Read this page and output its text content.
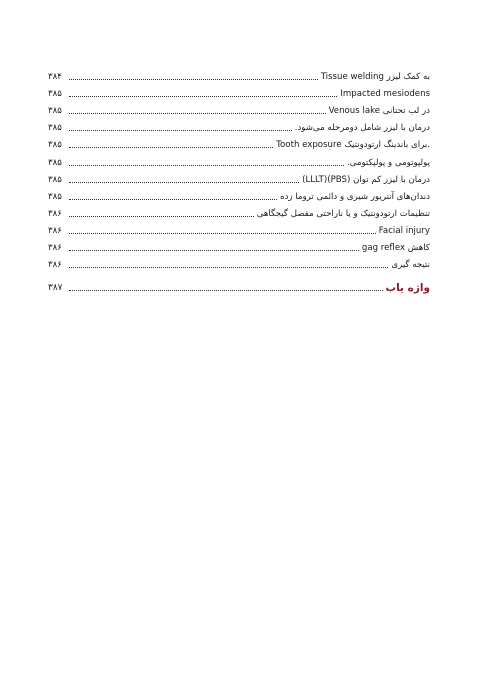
Tissue welding به کمک لیزر
۳۸۴
Impacted mesiodens
۳۸۵
Venous lake در لب تحتانی
۳۸۵
درمان با لیزر شامل دومرحله می‌شود.
۳۸۵
Tooth exposure برای باندینگ ارتودونتیک.
۳۸۵
پولپوتومی و پولپکتومی.
۳۸۵
درمان با لیزر کم توان (PBS)(LLLT)
۳۸۵
دندان‌های آنتریور شیری و دائمی تروما زده
۳۸۵
تنظیمات ارتودونتیک و یا ناراحتی مفصل گیجگاهی
۳۸۶
Facial injury
۳۸۶
کاهش gag reflex
۳۸۶
نتیجه گیری
۳۸۶
واژه یاب
۳۸۷
